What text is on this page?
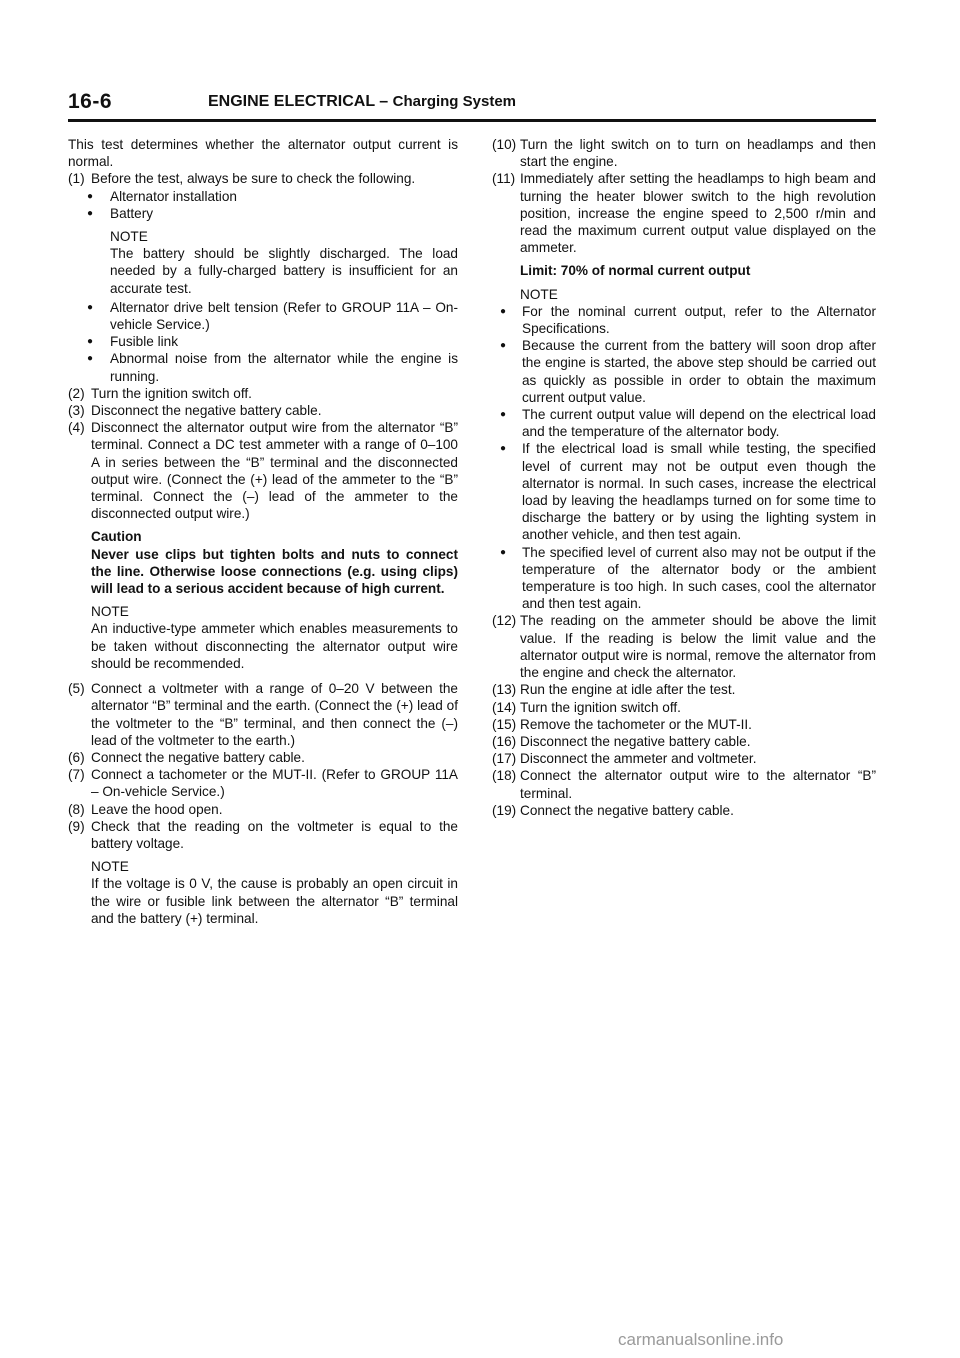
16-6	ENGINE ELECTRICAL – Charging System

This test determines whether the alternator output current is normal.

(1) Before the test, always be sure to check the following.
● Alternator installation
● Battery
NOTE
The battery should be slightly discharged. The load needed by a fully-charged battery is insufficient for an accurate test.
● Alternator drive belt tension (Refer to GROUP 11A – On-vehicle Service.)
● Fusible link
● Abnormal noise from the alternator while the engine is running.
(2) Turn the ignition switch off.
(3) Disconnect the negative battery cable.
(4) Disconnect the alternator output wire from the alternator “B” terminal. Connect a DC test ammeter with a range of 0–100 A in series between the “B” terminal and the disconnected output wire. (Connect the (+) lead of the ammeter to the “B” terminal. Connect the (–) lead of the ammeter to the disconnected output wire.)
Caution
Never use clips but tighten bolts and nuts to connect the line. Otherwise loose connections (e.g. using clips) will lead to a serious accident because of high current.
NOTE
An inductive-type ammeter which enables measurements to be taken without disconnecting the alternator output wire should be recommended.
(5) Connect a voltmeter with a range of 0–20 V between the alternator “B” terminal and the earth. (Connect the (+) lead of the voltmeter to the “B” terminal, and then connect the (–) lead of the voltmeter to the earth.)
(6) Connect the negative battery cable.
(7) Connect a tachometer or the MUT-II. (Refer to GROUP 11A – On-vehicle Service.)
(8) Leave the hood open.
(9) Check that the reading on the voltmeter is equal to the battery voltage.
NOTE
If the voltage is 0 V, the cause is probably an open circuit in the wire or fusible link between the alternator “B” terminal and the battery (+) terminal.
(10) Turn the light switch on to turn on headlamps and then start the engine.
(11) Immediately after setting the headlamps to high beam and turning the heater blower switch to the high revolution position, increase the engine speed to 2,500 r/min and read the maximum current output value displayed on the ammeter.
Limit: 70% of normal current output
NOTE
● For the nominal current output, refer to the Alternator Specifications.
● Because the current from the battery will soon drop after the engine is started, the above step should be carried out as quickly as possible in order to obtain the maximum current output value.
● The current output value will depend on the electrical load and the temperature of the alternator body.
● If the electrical load is small while testing, the specified level of current may not be output even though the alternator is normal. In such cases, increase the electrical load by leaving the headlamps turned on for some time to discharge the battery or by using the lighting system in another vehicle, and then test again.
● The specified level of current also may not be output if the temperature of the alternator body or the ambient temperature is too high. In such cases, cool the alternator and then test again.
(12) The reading on the ammeter should be above the limit value. If the reading is below the limit value and the alternator output wire is normal, remove the alternator from the engine and check the alternator.
(13) Run the engine at idle after the test.
(14) Turn the ignition switch off.
(15) Remove the tachometer or the MUT-II.
(16) Disconnect the negative battery cable.
(17) Disconnect the ammeter and voltmeter.
(18) Connect the alternator output wire to the alternator “B” terminal.
(19) Connect the negative battery cable.
carmanualsonline.info
